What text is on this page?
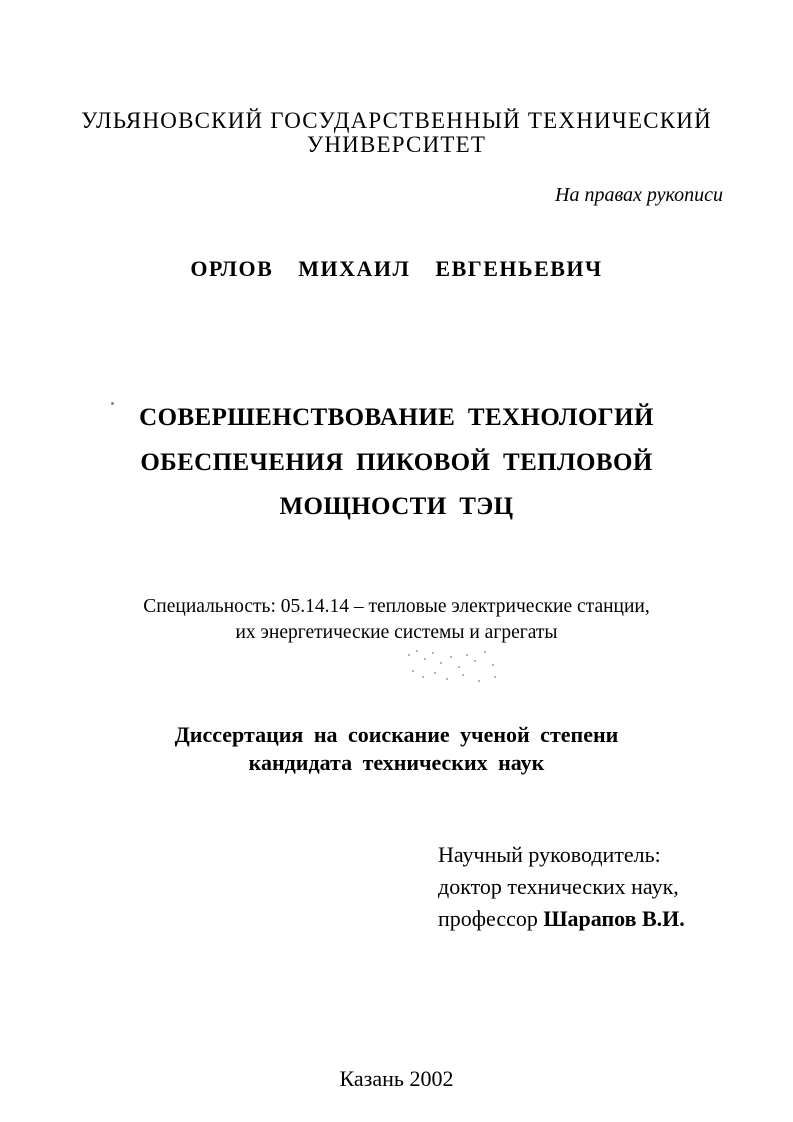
УЛЬЯНОВСКИЙ ГОСУДАРСТВЕННЫЙ ТЕХНИЧЕСКИЙ
УНИВЕРСИТЕТ
На правах рукописи
ОРЛОВ МИХАИЛ ЕВГЕНЬЕВИЧ
СОВЕРШЕНСТВОВАНИЕ ТЕХНОЛОГИЙ
ОБЕСПЕЧЕНИЯ ПИКОВОЙ ТЕПЛОВОЙ
МОЩНОСТИ ТЭЦ
Специальность: 05.14.14 – тепловые электрические станции,
их энергетические системы и агрегаты
Диссертация на соискание ученой степени
кандидата технических наук
Научный руководитель:
доктор технических наук,
профессор Шарапов В.И.
Казань 2002
